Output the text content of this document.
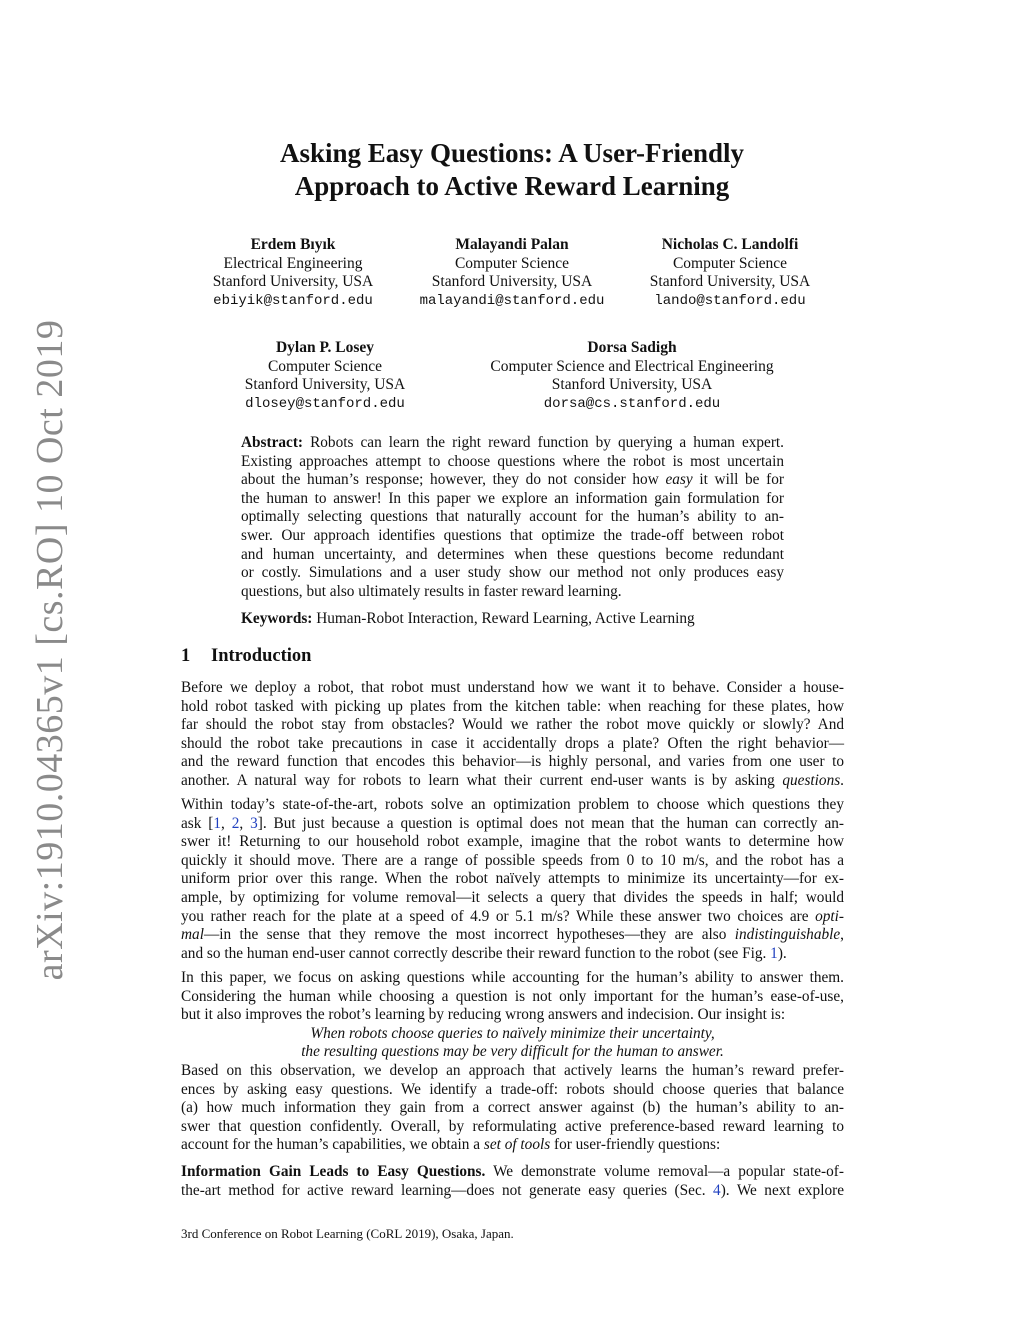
arXiv:1910.04365v1 [cs.RO] 10 Oct 2019
Asking Easy Questions: A User-Friendly
Approach to Active Reward Learning
Erdem Bıyık
Electrical Engineering
Stanford University, USA
ebiyik@stanford.edu
Malayandi Palan
Computer Science
Stanford University, USA
malayandi@stanford.edu
Nicholas C. Landolfi
Computer Science
Stanford University, USA
lando@stanford.edu
Dylan P. Losey
Computer Science
Stanford University, USA
dlosey@stanford.edu
Dorsa Sadigh
Computer Science and Electrical Engineering
Stanford University, USA
dorsa@cs.stanford.edu
Abstract: Robots can learn the right reward function by querying a human expert.
Existing approaches attempt to choose questions where the robot is most uncertain
about the human’s response; however, they do not consider how easy it will be for
the human to answer! In this paper we explore an information gain formulation for
optimally selecting questions that naturally account for the human’s ability to an-
swer. Our approach identifies questions that optimize the trade-off between robot
and human uncertainty, and determines when these questions become redundant
or costly. Simulations and a user study show our method not only produces easy
questions, but also ultimately results in faster reward learning.
Keywords: Human-Robot Interaction, Reward Learning, Active Learning
1 Introduction
Before we deploy a robot, that robot must understand how we want it to behave. Consider a house-
hold robot tasked with picking up plates from the kitchen table: when reaching for these plates, how
far should the robot stay from obstacles? Would we rather the robot move quickly or slowly? And
should the robot take precautions in case it accidentally drops a plate? Often the right behavior—
and the reward function that encodes this behavior—is highly personal, and varies from one user to
another. A natural way for robots to learn what their current end-user wants is by asking questions.
Within today’s state-of-the-art, robots solve an optimization problem to choose which questions they
ask [1, 2, 3]. But just because a question is optimal does not mean that the human can correctly an-
swer it! Returning to our household robot example, imagine that the robot wants to determine how
quickly it should move. There are a range of possible speeds from 0 to 10 m/s, and the robot has a
uniform prior over this range. When the robot naïvely attempts to minimize its uncertainty—for ex-
ample, by optimizing for volume removal—it selects a query that divides the speeds in half; would
you rather reach for the plate at a speed of 4.9 or 5.1 m/s? While these answer two choices are opti-
mal—in the sense that they remove the most incorrect hypotheses—they are also indistinguishable,
and so the human end-user cannot correctly describe their reward function to the robot (see Fig. 1).
In this paper, we focus on asking questions while accounting for the human’s ability to answer them.
Considering the human while choosing a question is not only important for the human’s ease-of-use,
but it also improves the robot’s learning by reducing wrong answers and indecision. Our insight is:
When robots choose queries to naïvely minimize their uncertainty,
the resulting questions may be very difficult for the human to answer.
Based on this observation, we develop an approach that actively learns the human’s reward prefer-
ences by asking easy questions. We identify a trade-off: robots should choose queries that balance
(a) how much information they gain from a correct answer against (b) the human’s ability to an-
swer that question confidently. Overall, by reformulating active preference-based reward learning to
account for the human’s capabilities, we obtain a set of tools for user-friendly questions:
Information Gain Leads to Easy Questions. We demonstrate volume removal—a popular state-of-
the-art method for active reward learning—does not generate easy queries (Sec. 4). We next explore
3rd Conference on Robot Learning (CoRL 2019), Osaka, Japan.
